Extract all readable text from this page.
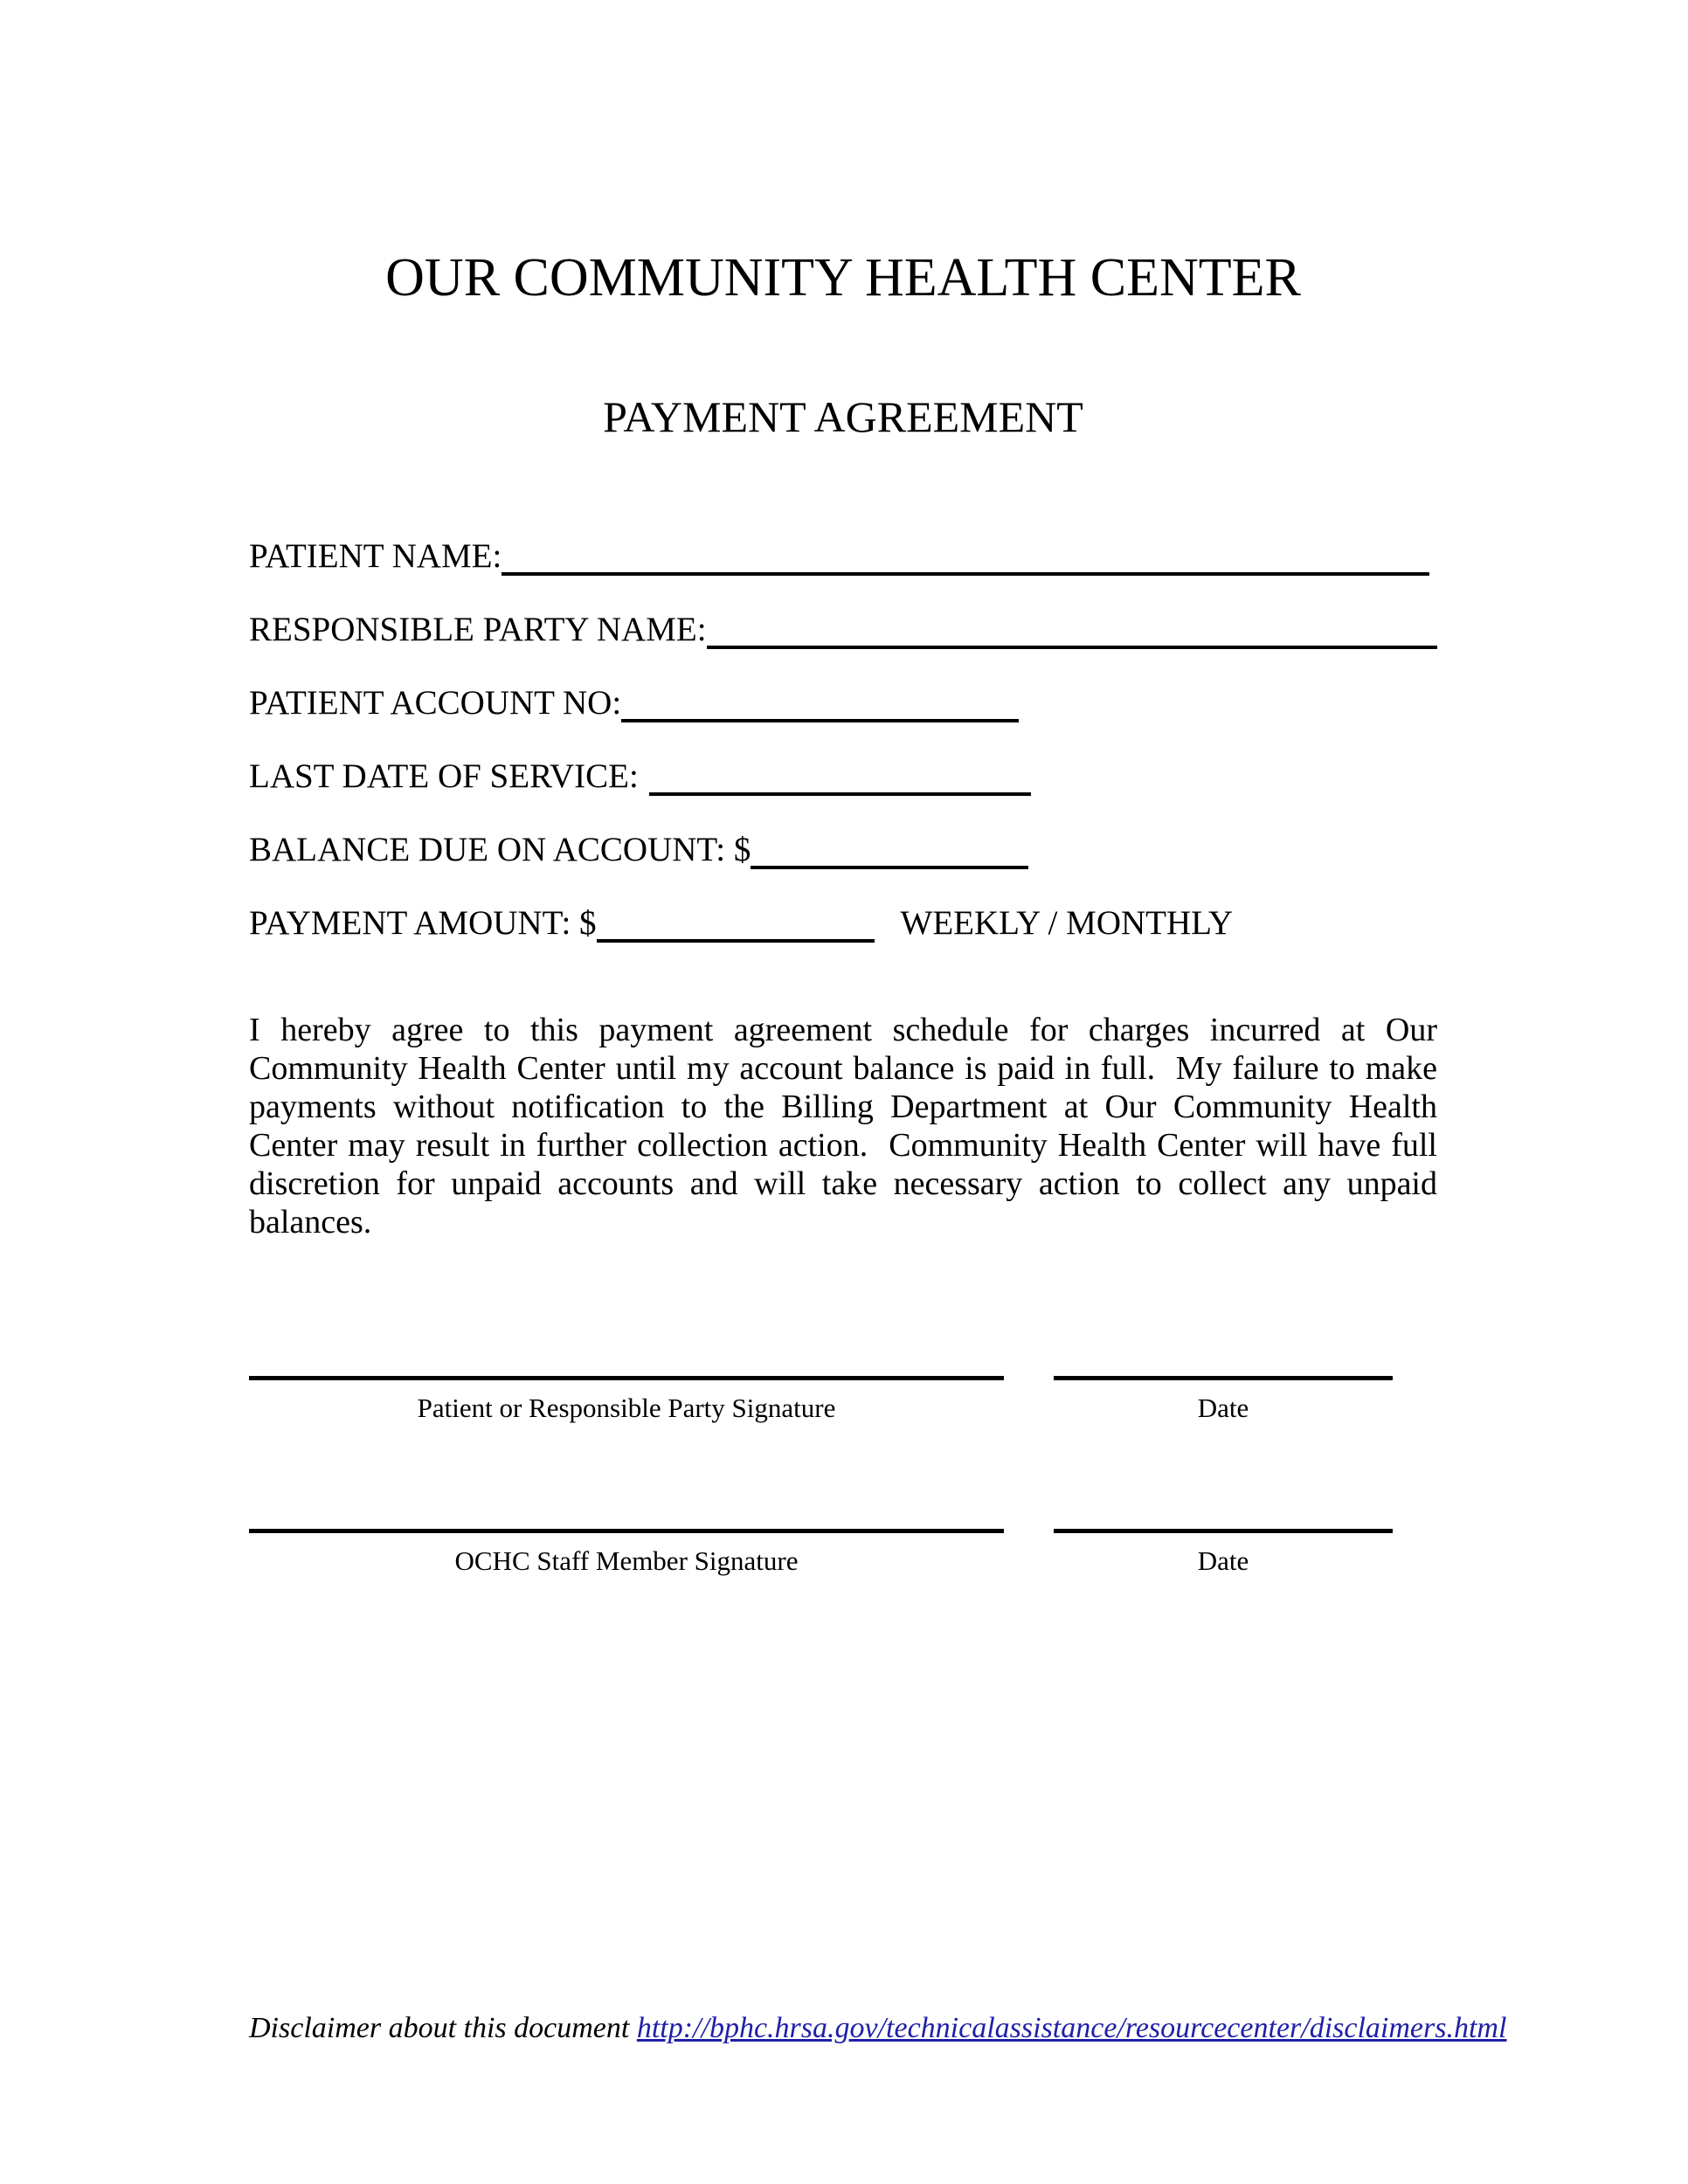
OUR COMMUNITY HEALTH CENTER
PAYMENT AGREEMENT
PATIENT NAME:
RESPONSIBLE PARTY NAME:
PATIENT ACCOUNT NO:
LAST DATE OF SERVICE:
BALANCE DUE ON ACCOUNT: $
PAYMENT AMOUNT: $	WEEKLY / MONTHLY

I hereby agree to this payment agreement schedule for charges incurred at Our Community Health Center until my account balance is paid in full.  My failure to make payments without notification to the Billing Department at Our Community Health Center may result in further collection action.  Community Health Center will have full discretion for unpaid accounts and will take necessary action to collect any unpaid balances.

Patient or Responsible Party Signature	Date
OCHC Staff Member Signature	Date
Disclaimer about this document http://bphc.hrsa.gov/technicalassistance/resourcecenter/disclaimers.html
